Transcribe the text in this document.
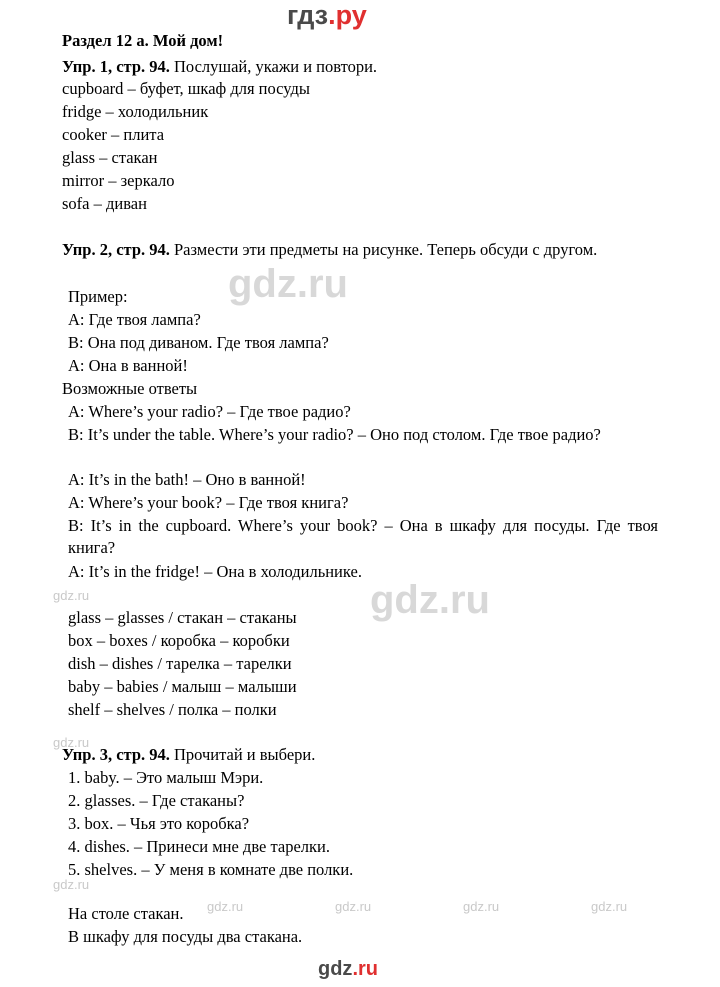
gdz.ru
gdz.ru
gdz.ru
gdz.ru
gdz.ru
gdz.ru	gdz.ru	gdz.ru	gdz.ru
гдз.ру
Раздел 12 a. Мой дом!
Упр. 1, стр. 94. Послушай, укажи и повтори.
cupboard – буфет, шкаф для посуды
fridge – холодильник
cooker – плита
glass – стакан
mirror – зеркало
sofa – диван
Упр. 2, стр. 94. Размести эти предметы на рисунке. Теперь обсуди с другом.
Пример:
A: Где твоя лампа?
B: Она под диваном. Где твоя лампа?
A: Она в ванной!
Возможные ответы
A: Where’s your radio? – Где твое радио?
B: It’s under the table. Where’s your radio? – Оно под столом. Где твое радио?
A: It’s in the bath! – Оно в ванной!
A: Where’s your book? – Где твоя книга?
B: It’s in the cupboard. Where’s your book? – Она в шкафу для посуды. Где твоя книга?
A: It’s in the fridge! – Она в холодильнике.
glass – glasses / стакан – стаканы
box – boxes / коробка – коробки
dish – dishes / тарелка – тарелки
baby – babies / малыш – малыши
shelf – shelves / полка – полки
Упр. 3, стр. 94. Прочитай и выбери.
1. baby. – Это малыш Мэри.
2. glasses. – Где стаканы?
3. box. – Чья это коробка?
4. dishes. – Принеси мне две тарелки.
5. shelves. – У меня в комнате две полки.
На столе стакан.
В шкафу для посуды два стакана.
gdz.ru
